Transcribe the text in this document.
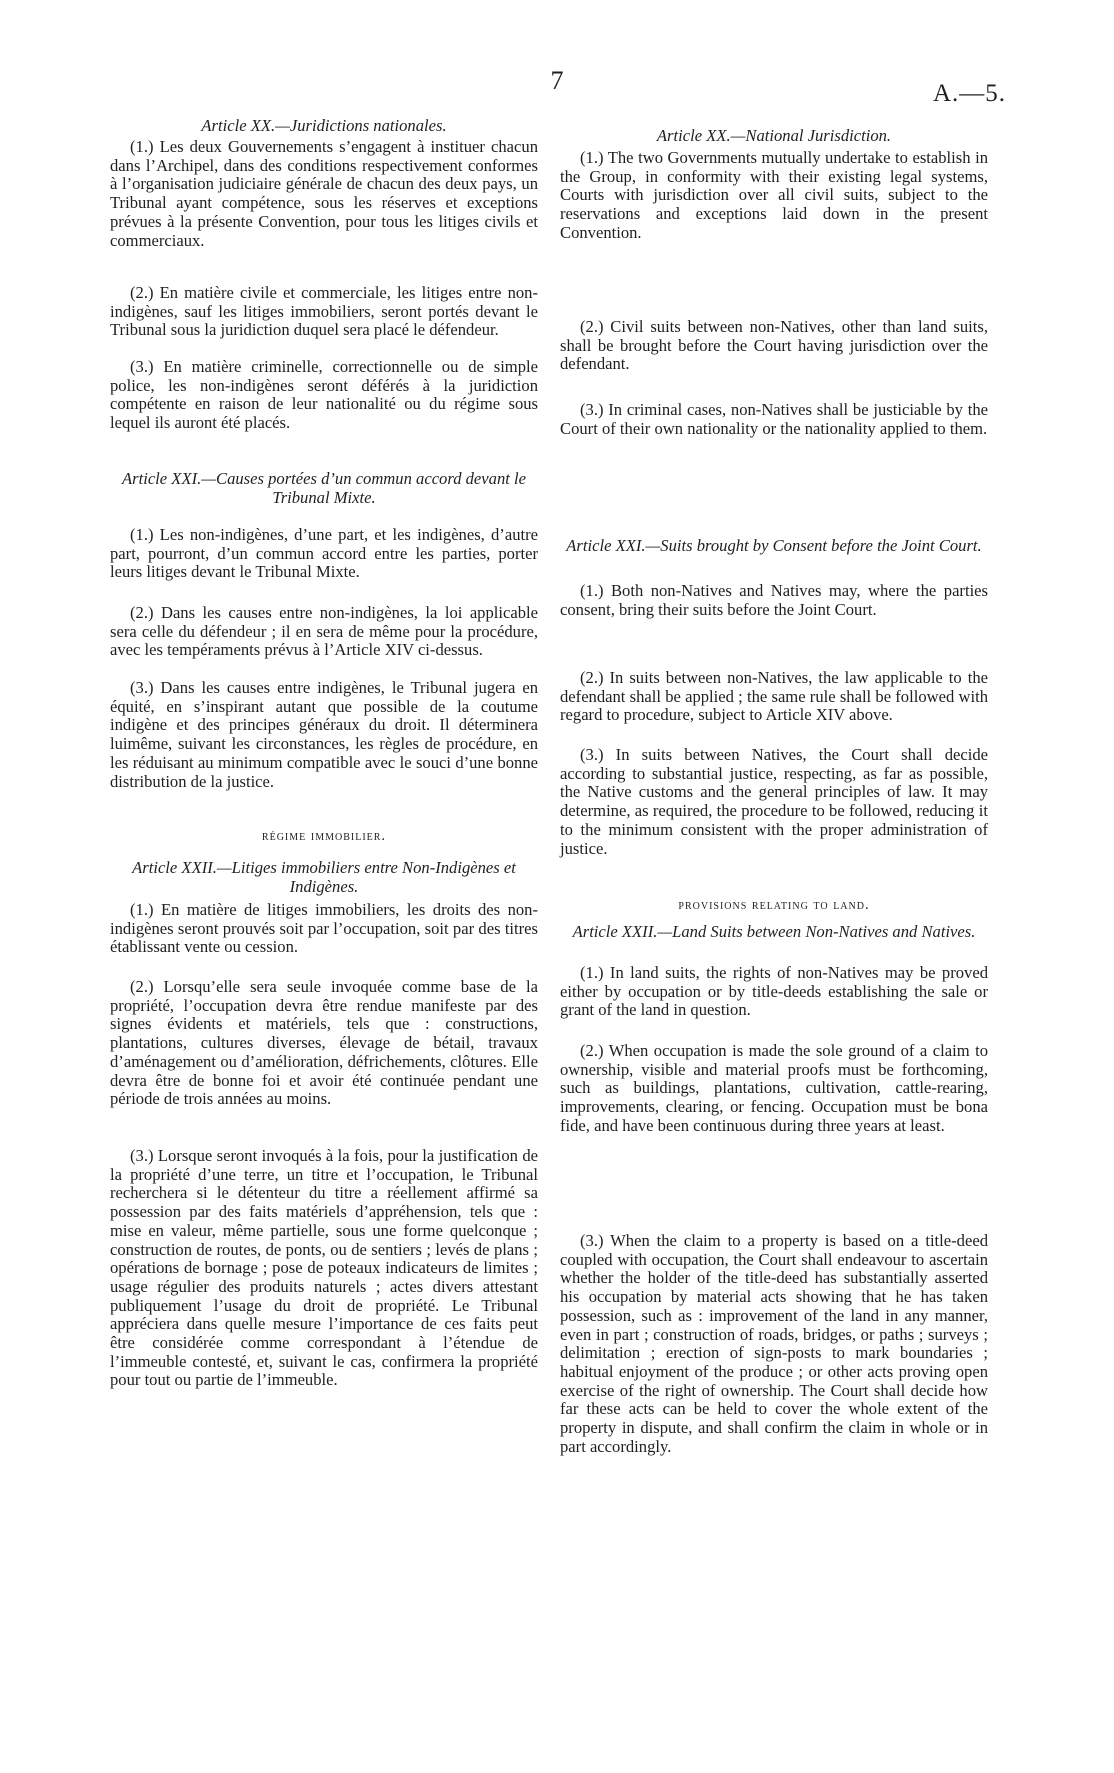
7	A.—5.
Article XX.—Juridictions nationales.

(1.) Les deux Gouvernements s’engagent à instituer chacun dans l’Archipel, dans des conditions respectivement conformes à l’organisation judiciaire générale de chacun des deux pays, un Tribunal ayant compétence, sous les réserves et exceptions prévues à la présente Convention, pour tous les litiges civils et commerciaux.

(2.) En matière civile et commerciale, les litiges entre non-indigènes, sauf les litiges immobiliers, seront portés devant le Tribunal sous la juridiction duquel sera placé le défendeur.

(3.) En matière criminelle, correctionnelle ou de simple police, les non-indigènes seront déférés à la juridiction compétente en raison de leur nationalité ou du régime sous lequel ils auront été placés.

Article XXI.—Causes portées d’un commun accord devant le Tribunal Mixte.

(1.) Les non-indigènes, d’une part, et les indigènes, d’autre part, pourront, d’un commun accord entre les parties, porter leurs litiges devant le Tribunal Mixte.

(2.) Dans les causes entre non-indigènes, la loi applicable sera celle du défendeur ; il en sera de même pour la procédure, avec les tempéraments prévus à l’Article XIV ci-dessus.

(3.) Dans les causes entre indigènes, le Tribunal jugera en équité, en s’inspirant autant que possible de la coutume indigène et des principes généraux du droit. Il déterminera luimême, suivant les circonstances, les règles de procédure, en les réduisant au minimum compatible avec le souci d’une bonne distribution de la justice.

régime immobilier.
Article XXII.—Litiges immobiliers entre Non-Indigènes et Indigènes.

(1.) En matière de litiges immobiliers, les droits des non-indigènes seront prouvés soit par l’occupation, soit par des titres établissant vente ou cession.

(2.) Lorsqu’elle sera seule invoquée comme base de la propriété, l’occupation devra être rendue manifeste par des signes évidents et matériels, tels que : constructions, plantations, cultures diverses, élevage de bétail, travaux d’aménagement ou d’amélioration, défrichements, clôtures. Elle devra être de bonne foi et avoir été continuée pendant une période de trois années au moins.

(3.) Lorsque seront invoqués à la fois, pour la justification de la propriété d’une terre, un titre et l’occupation, le Tribunal recherchera si le détenteur du titre a réellement affirmé sa possession par des faits matériels d’appréhension, tels que : mise en valeur, même partielle, sous une forme quelconque ; construction de routes, de ponts, ou de sentiers ; levés de plans ; opérations de bornage ; pose de poteaux indicateurs de limites ; usage régulier des produits naturels ; actes divers attestant publiquement l’usage du droit de propriété. Le Tribunal appréciera dans quelle mesure l’importance de ces faits peut être considérée comme correspondant à l’étendue de l’immeuble contesté, et, suivant le cas, confirmera la propriété pour tout ou partie de l’immeuble.

Article XX.—National Jurisdiction.

(1.) The two Governments mutually undertake to establish in the Group, in conformity with their existing legal systems, Courts with jurisdiction over all civil suits, subject to the reservations and exceptions laid down in the present Convention.

(2.) Civil suits between non-Natives, other than land suits, shall be brought before the Court having jurisdiction over the defendant.

(3.) In criminal cases, non-Natives shall be justiciable by the Court of their own nationality or the nationality applied to them.

Article XXI.—Suits brought by Consent before the Joint Court.

(1.) Both non-Natives and Natives may, where the parties consent, bring their suits before the Joint Court.

(2.) In suits between non-Natives, the law applicable to the defendant shall be applied ; the same rule shall be followed with regard to procedure, subject to Article XIV above.

(3.) In suits between Natives, the Court shall decide according to substantial justice, respecting, as far as possible, the Native customs and the general principles of law. It may determine, as required, the procedure to be followed, reducing it to the minimum consistent with the proper administration of justice.

provisions relating to land.
Article XXII.—Land Suits between Non-Natives and Natives.

(1.) In land suits, the rights of non-Natives may be proved either by occupation or by title-deeds establishing the sale or grant of the land in question.

(2.) When occupation is made the sole ground of a claim to ownership, visible and material proofs must be forthcoming, such as buildings, plantations, cultivation, cattle-rearing, improvements, clearing, or fencing. Occupation must be bona fide, and have been continuous during three years at least.

(3.) When the claim to a property is based on a title-deed coupled with occupation, the Court shall endeavour to ascertain whether the holder of the title-deed has substantially asserted his occupation by material acts showing that he has taken possession, such as : improvement of the land in any manner, even in part ; construction of roads, bridges, or paths ; surveys ; delimitation ; erection of sign-posts to mark boundaries ; habitual enjoyment of the produce ; or other acts proving open exercise of the right of ownership. The Court shall decide how far these acts can be held to cover the whole extent of the property in dispute, and shall confirm the claim in whole or in part accordingly.
